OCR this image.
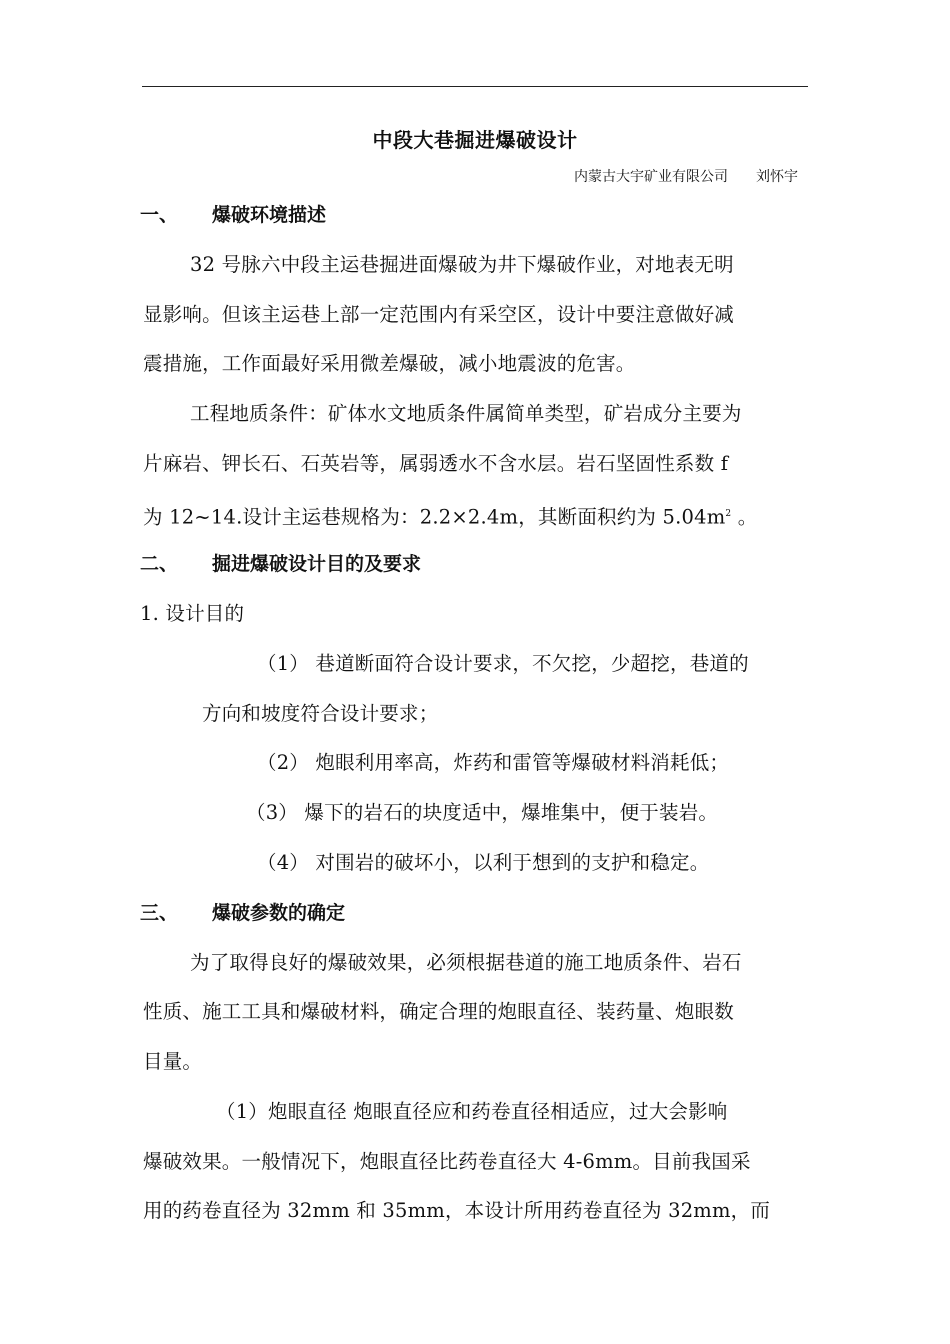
中段大巷掘进爆破设计
内蒙古大宇矿业有限公司 刘怀宇
一、 爆破环境描述
32 号脉六中段主运巷掘进面爆破为井下爆破作业，对地表无明
显影响。但该主运巷上部一定范围内有采空区，设计中要注意做好减
震措施，工作面最好采用微差爆破，减小地震波的危害。
工程地质条件：矿体水文地质条件属简单类型，矿岩成分主要为
片麻岩、钾长石、石英岩等，属弱透水不含水层。岩石坚固性系数 f
为 12~14.设计主运巷规格为：2.2×2.4m，其断面积约为 $5.04m^2$ 。
二、 掘进爆破设计目的及要求
1. 设计目的
（1） 巷道断面符合设计要求，不欠挖，少超挖，巷道的
方向和坡度符合设计要求；
（2） 炮眼利用率高，炸药和雷管等爆破材料消耗低；
（3） 爆下的岩石的块度适中，爆堆集中，便于装岩。
（4） 对围岩的破坏小，以利于想到的支护和稳定。
三、 爆破参数的确定
为了取得良好的爆破效果，必须根据巷道的施工地质条件、岩石
性质、施工工具和爆破材料，确定合理的炮眼直径、装药量、炮眼数
目量。
（1）炮眼直径 炮眼直径应和药卷直径相适应，过大会影响
爆破效果。一般情况下，炮眼直径比药卷直径大 4-6mm。目前我国采
用的药卷直径为 32mm 和 35mm，本设计所用药卷直径为 32mm，而
